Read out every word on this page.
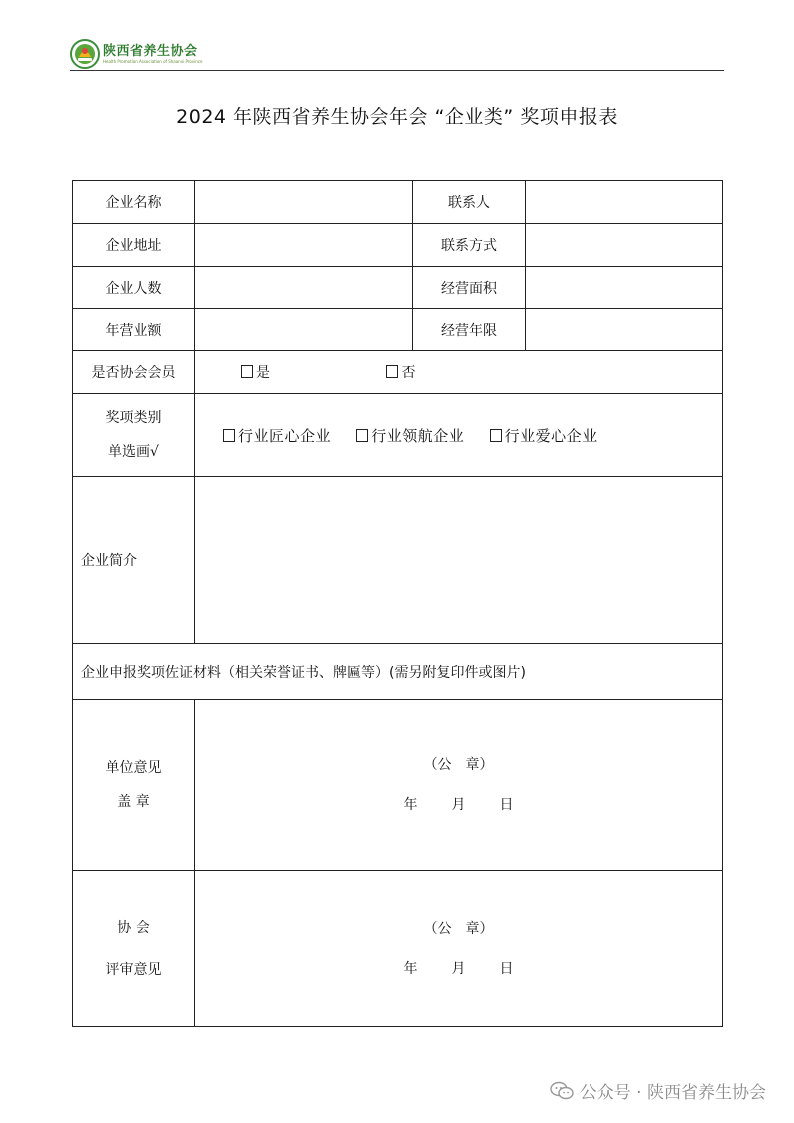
陕西省养生协会
Health Promotion Association of Shaanxi Province
2024 年陕西省养生协会年会 “企业类” 奖项申报表
企业名称		联系人	
企业地址		联系方式	
企业人数		经营面积	
年营业额		经营年限	
是否协会会员	是 否		
奖项类别
单选画√	行业匠心企业 行业领航企业 行业爱心企业		
企业简介			
企业申报奖项佐证材料（相关荣誉证书、牌匾等）(需另附复印件或图片)			
单位意见
盖 章	（公　章）
年 月 日		

协 会
评审意见	（公　章）
年 月 日		
公众号 · 陕西省养生协会
